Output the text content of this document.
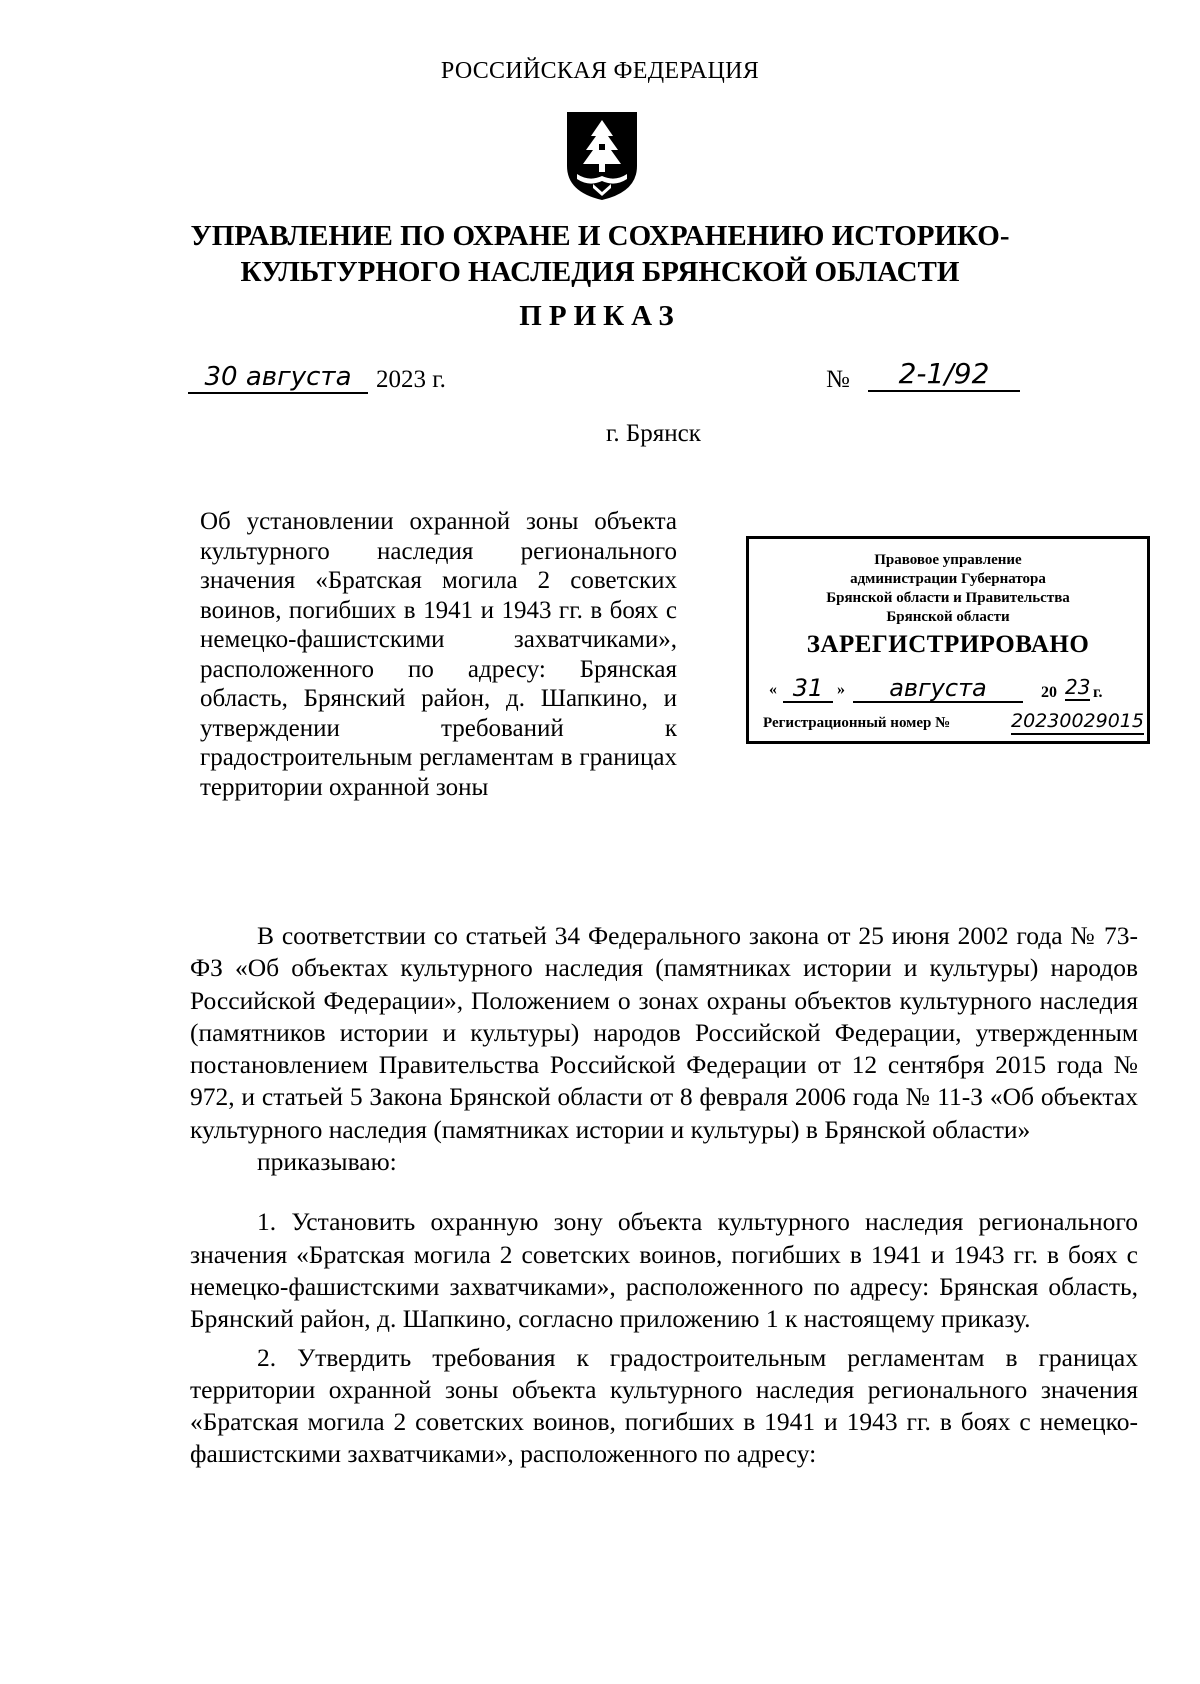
РОССИЙСКАЯ ФЕДЕРАЦИЯ
УПРАВЛЕНИЕ ПО ОХРАНЕ И СОХРАНЕНИЮ ИСТОРИКО-
КУЛЬТУРНОГО НАСЛЕДИЯ БРЯНСКОЙ ОБЛАСТИ
ПРИКАЗ
30 августа 2023 г.	№	2-1/92
г. Брянск
Об установлении охранной зоны объекта культурного наследия регионального значения «Братская могила 2 советских воинов, погибших в 1941 и 1943 гг. в боях с немецко-фашистскими захватчиками», расположенного по адресу: Брянская область, Брянский район, д. Шапкино, и утверждении требований к градостроительным регламентам в границах территории охранной зоны
Правовое управление
администрации Губернатора
Брянской области и Правительства
Брянской области
ЗАРЕГИСТРИРОВАНО
« 31 »	августа	20 23 г.
Регистрационный номер №	20230029015

В соответствии со статьей 34 Федерального закона от 25 июня 2002 года № 73-ФЗ «Об объектах культурного наследия (памятниках истории и культуры) народов Российской Федерации», Положением о зонах охраны объектов культурного наследия (памятников истории и культуры) народов Российской Федерации, утвержденным постановлением Правительства Российской Федерации от 12 сентября 2015 года № 972, и статьей 5 Закона Брянской области от 8 февраля 2006 года № 11-З «Об объектах культурного наследия (памятниках истории и культуры) в Брянской области»

приказываю:

1. Установить охранную зону объекта культурного наследия регионального значения «Братская могила 2 советских воинов, погибших в 1941 и 1943 гг. в боях с немецко-фашистскими захватчиками», расположенного по адресу: Брянская область, Брянский район, д. Шапкино, согласно приложению 1 к настоящему приказу.

2. Утвердить требования к градостроительным регламентам в границах территории охранной зоны объекта культурного наследия регионального значения «Братская могила 2 советских воинов, погибших в 1941 и 1943 гг. в боях с немецко-фашистскими захватчиками», расположенного по адресу:
